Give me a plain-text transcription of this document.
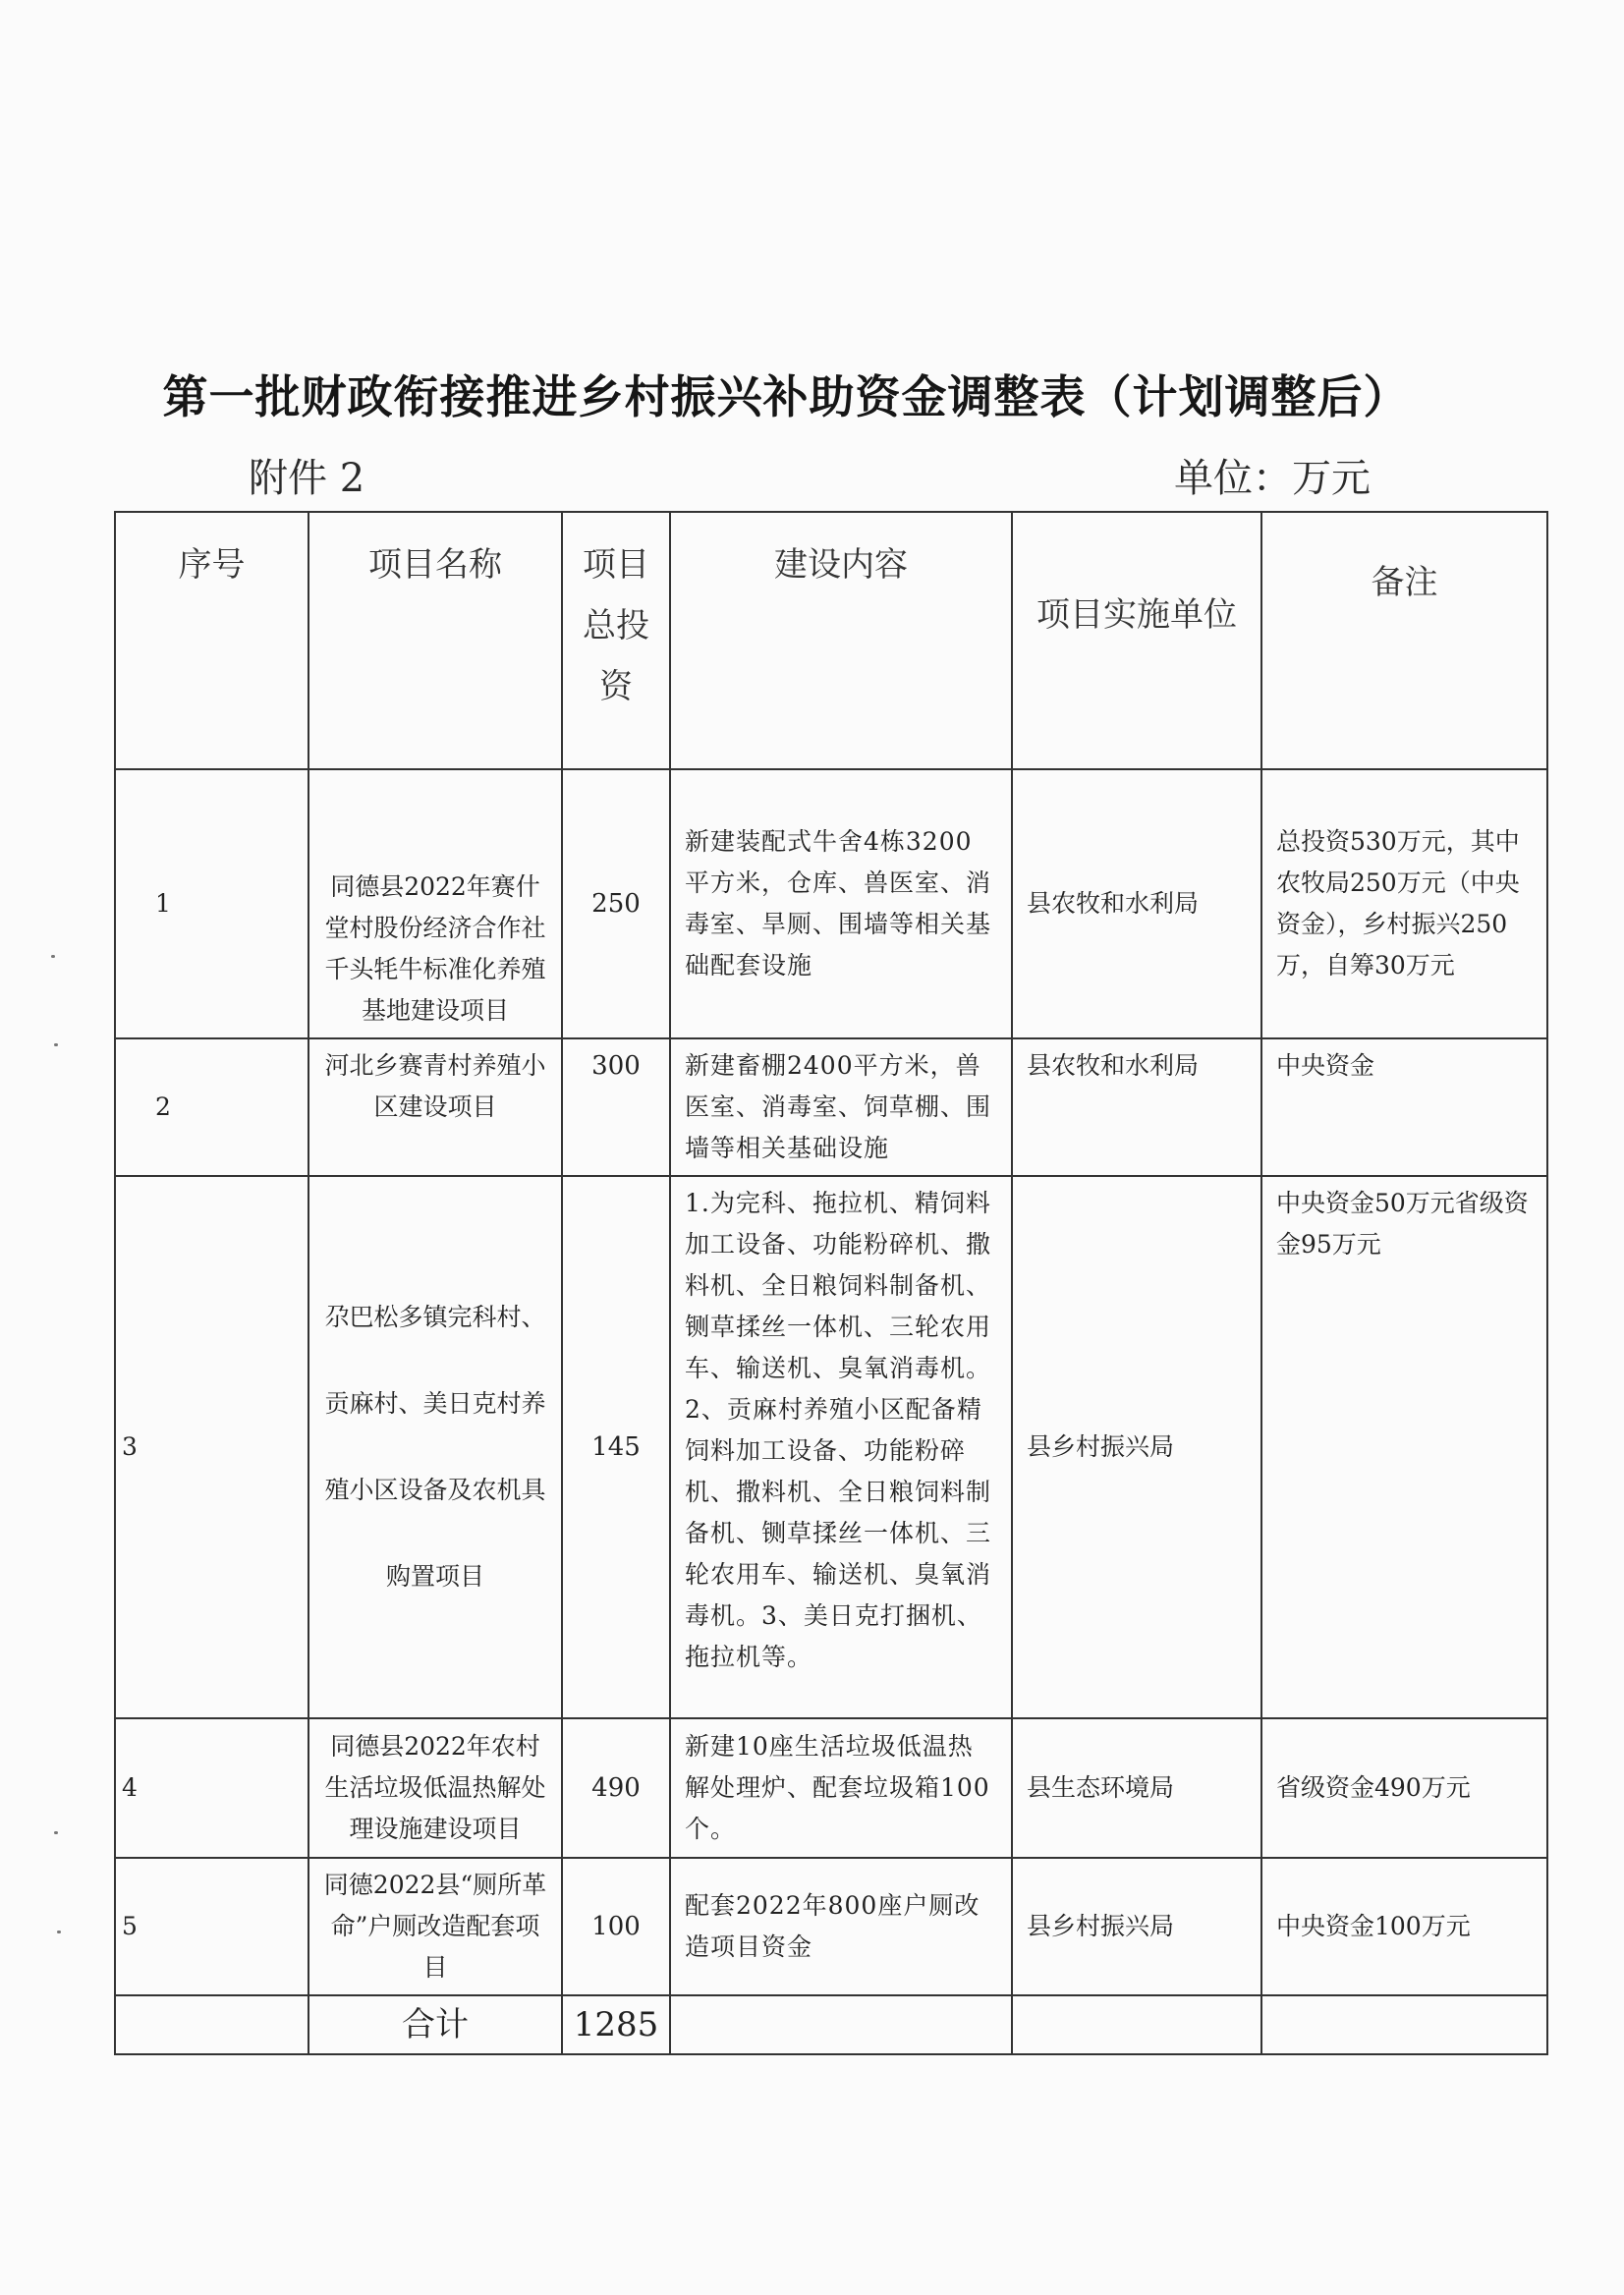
第一批财政衔接推进乡村振兴补助资金调整表（计划调整后）
附件 2	单位：万元
序号	项目名称	项目总投资	建设内容	项目实施单位	备注
1	同德县2022年赛什堂村股份经济合作社千头牦牛标准化养殖基地建设项目	250	新建装配式牛舍4栋3200平方米，仓库、兽医室、消毒室、旱厕、围墙等相关基础配套设施	县农牧和水利局	总投资530万元，其中农牧局250万元（中央资金），乡村振兴250万，自筹30万元
2	河北乡赛青村养殖小区建设项目	300	新建畜棚2400平方米，兽医室、消毒室、饲草棚、围墙等相关基础设施	县农牧和水利局	中央资金
3	尕巴松多镇完科村、贡麻村、美日克村养殖小区设备及农机具购置项目	145	1.为完科、拖拉机、精饲料加工设备、功能粉碎机、撒料机、全日粮饲料制备机、铡草揉丝一体机、三轮农用车、输送机、臭氧消毒机。2、贡麻村养殖小区配备精饲料加工设备、功能粉碎机、撒料机、全日粮饲料制备机、铡草揉丝一体机、三轮农用车、输送机、臭氧消毒机。3、美日克打捆机、拖拉机等。	县乡村振兴局	中央资金50万元省级资金95万元
4	同德县2022年农村生活垃圾低温热解处理设施建设项目	490	新建10座生活垃圾低温热解处理炉、配套垃圾箱100个。	县生态环境局	省级资金490万元
5	同德2022县“厕所革命”户厕改造配套项目	100	配套2022年800座户厕改造项目资金	县乡村振兴局	中央资金100万元
	合计	1285			
